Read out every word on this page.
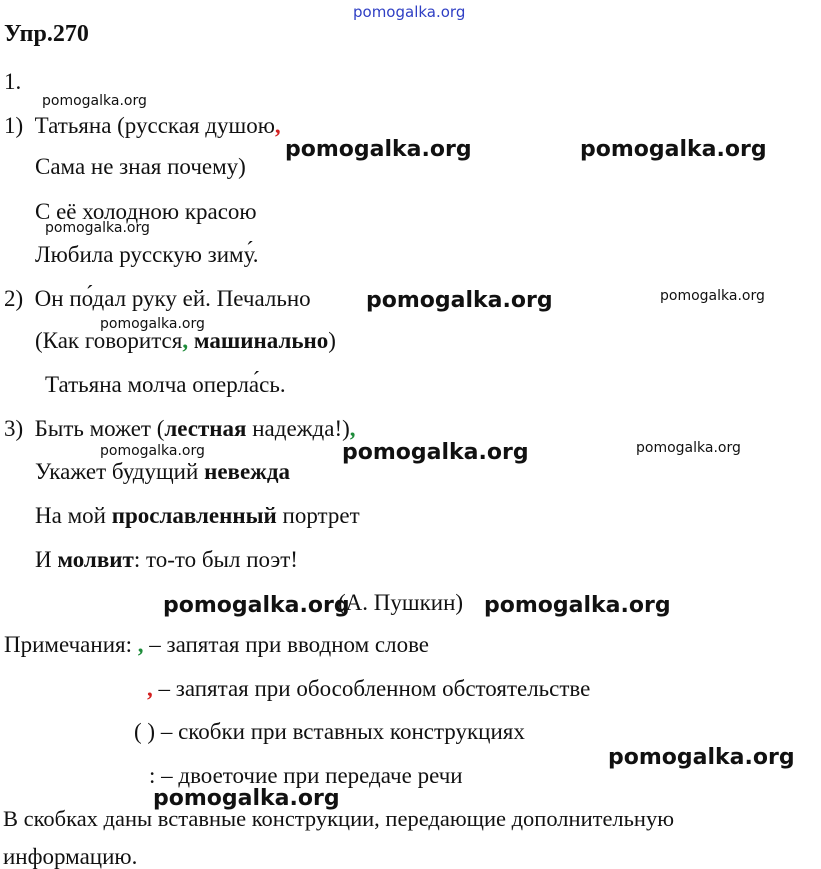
pomogalka.org
Упр.270
1.
pomogalka.org
1) Татьяна (русская душою,
pomogalka.org	pomogalka.org
Сама не зная почему)
С её холодною красою
pomogalka.org
Любила русскую зиму́.
2) Он по́дал руку ей. Печально	pomogalka.org	pomogalka.org
pomogalka.org
(Как говорится, машинально)
Татьяна молча оперла́сь.
3) Быть может (лестная надежда!),
pomogalka.org	pomogalka.org
pomogalka.org
Укажет будущий невежда
На мой прославленный портрет
И молвит: то-то был поэт!
pomogalka.org
(А. Пушкин) pomogalka.org
Примечания: , – запятая при вводном слове
, – запятая при обособленном обстоятельстве
( ) – скобки при вставных конструкциях
pomogalka.org
: – двоеточие при передаче речи
pomogalka.org
В скобках даны вставные конструкции, передающие дополнительную
информацию.
